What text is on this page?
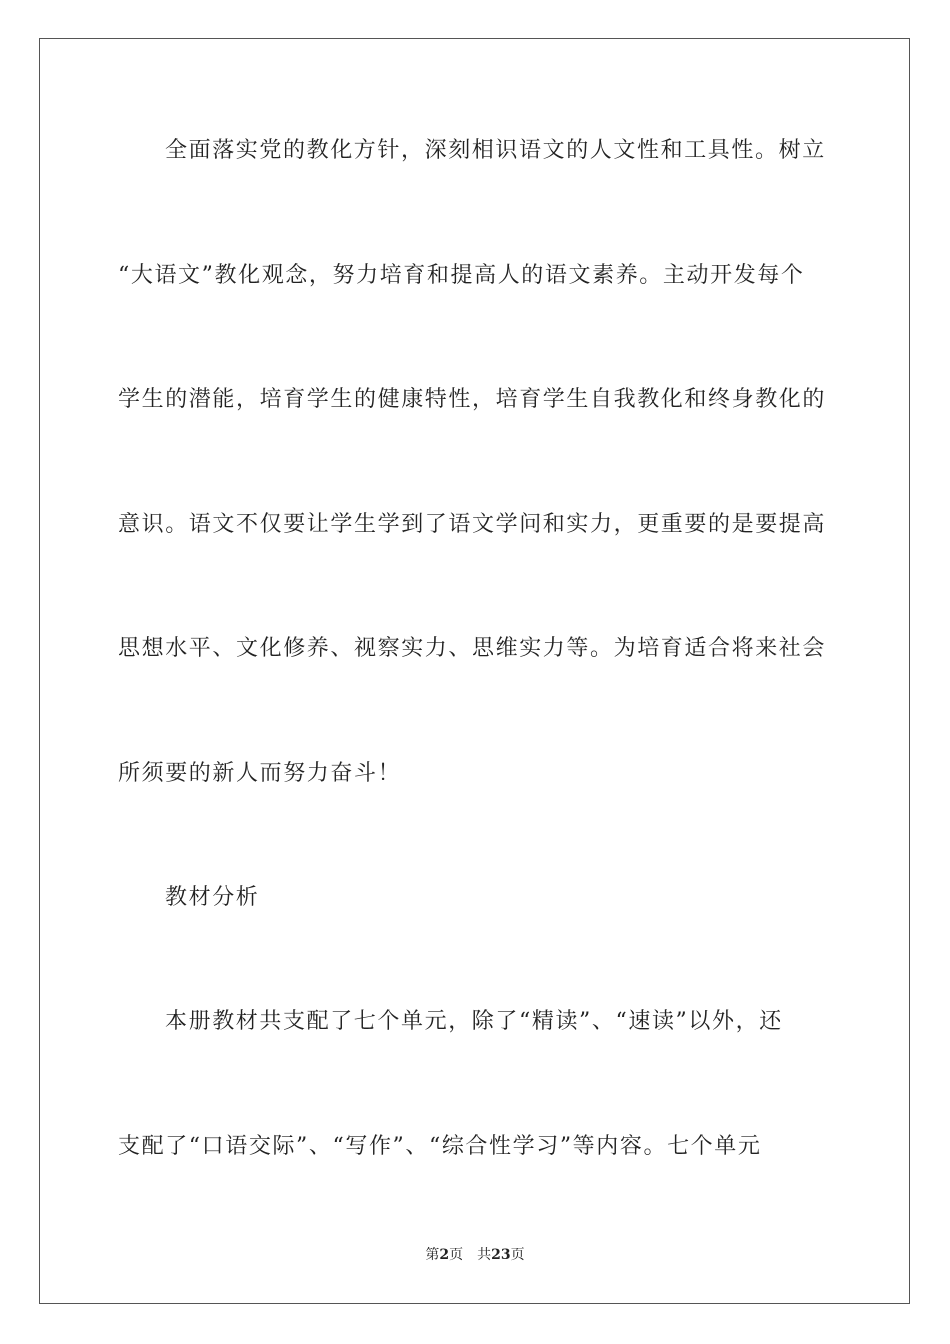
全面落实党的教化方针，深刻相识语文的人文性和工具性。树立
“大语文”教化观念，努力培育和提高人的语文素养。主动开发每个
学生的潜能，培育学生的健康特性，培育学生自我教化和终身教化的
意识。语文不仅要让学生学到了语文学问和实力，更重要的是要提高
思想水平、文化修养、视察实力、思维实力等。为培育适合将来社会
所须要的新人而努力奋斗！
教材分析
本册教材共支配了七个单元，除了“精读”、“速读”以外，还
支配了“口语交际”、“写作”、“综合性学习”等内容。七个单元
第2页 共23页
